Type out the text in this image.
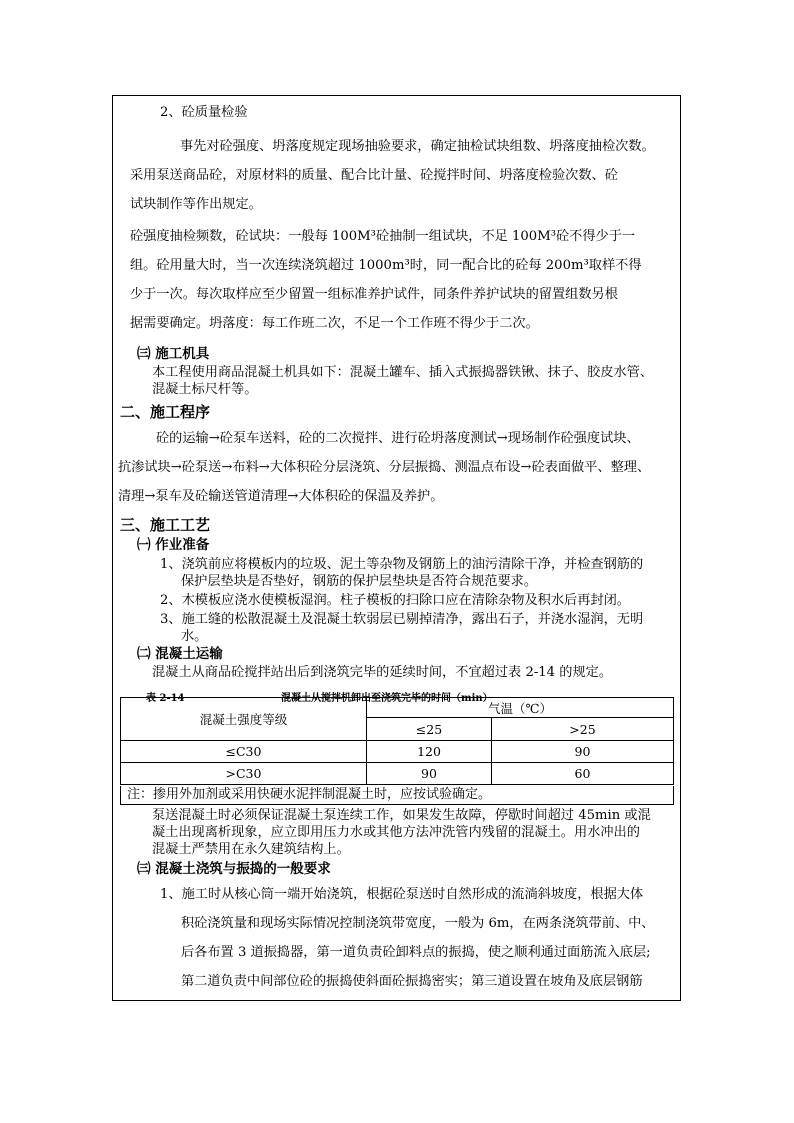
2、砼质量检验

事先对砼强度、坍落度规定现场抽验要求，确定抽检试块组数、坍落度抽检次数。
采用泵送商品砼，对原材料的质量、配合比计量、砼搅拌时间、坍落度检验次数、砼
试块制作等作出规定。
砼强度抽检频数，砼试块：一般每 100M³砼抽制一组试块，不足 100M³砼不得少于一
组。砼用量大时，当一次连续浇筑超过 1000m³时，同一配合比的砼每 200m³取样不得
少于一次。每次取样应至少留置一组标准养护试件，同条件养护试块的留置组数另根
据需要确定。坍落度：每工作班二次，不足一个工作班不得少于二次。

㈢ 施工机具

本工程使用商品混凝土机具如下：混凝土罐车、插入式振捣器铁锹、抹子、胶皮水管、
混凝土标尺杆等。

二、施工程序

砼的运输→砼泵车送料，砼的二次搅拌、进行砼坍落度测试→现场制作砼强度试块、
抗渗试块→砼泵送→布料→大体积砼分层浇筑、分层振捣、测温点布设→砼表面做平、整理、
清理→泵车及砼输送管道清理→大体积砼的保温及养护。

三、施工工艺

㈠ 作业准备

1、浇筑前应将模板内的垃圾、泥土等杂物及钢筋上的油污清除干净，并检查钢筋的
保护层垫块是否垫好，钢筋的保护层垫块是否符合规范要求。

2、木模板应浇水使模板湿润。柱子模板的扫除口应在清除杂物及积水后再封闭。

3、施工缝的松散混凝土及混凝土软弱层已剔掉清净，露出石子，并浇水湿润，无明
水。

㈡ 混凝土运输

混凝土从商品砼搅拌站出后到浇筑完毕的延续时间，不宜超过表 2-14 的规定。

表 2-14	混凝土从搅拌机卸出至浇筑完毕的时间（min）

混凝土强度等级	气温（℃）	
	≤25	>25
≤C30	120	90
>C30	90	60
注：掺用外加剂或采用快硬水泥拌制混凝土时，应按试验确定。
泵送混凝土时必须保证混凝土泵连续工作，如果发生故障，停歇时间超过 45min 或混
凝土出现离析现象，应立即用压力水或其他方法冲洗管内残留的混凝土。用水冲出的
混凝土严禁用在永久建筑结构上。

㈢ 混凝土浇筑与振捣的一般要求

1、施工时从核心筒一端开始浇筑，根据砼泵送时自然形成的流淌斜坡度，根据大体
积砼浇筑量和现场实际情况控制浇筑带宽度，一般为 6m，在两条浇筑带前、中、
后各布置 3 道振捣器，第一道负责砼卸料点的振捣，使之顺利通过面筋流入底层;
第二道负责中间部位砼的振捣使斜面砼振捣密实；第三道设置在坡角及底层钢筋
